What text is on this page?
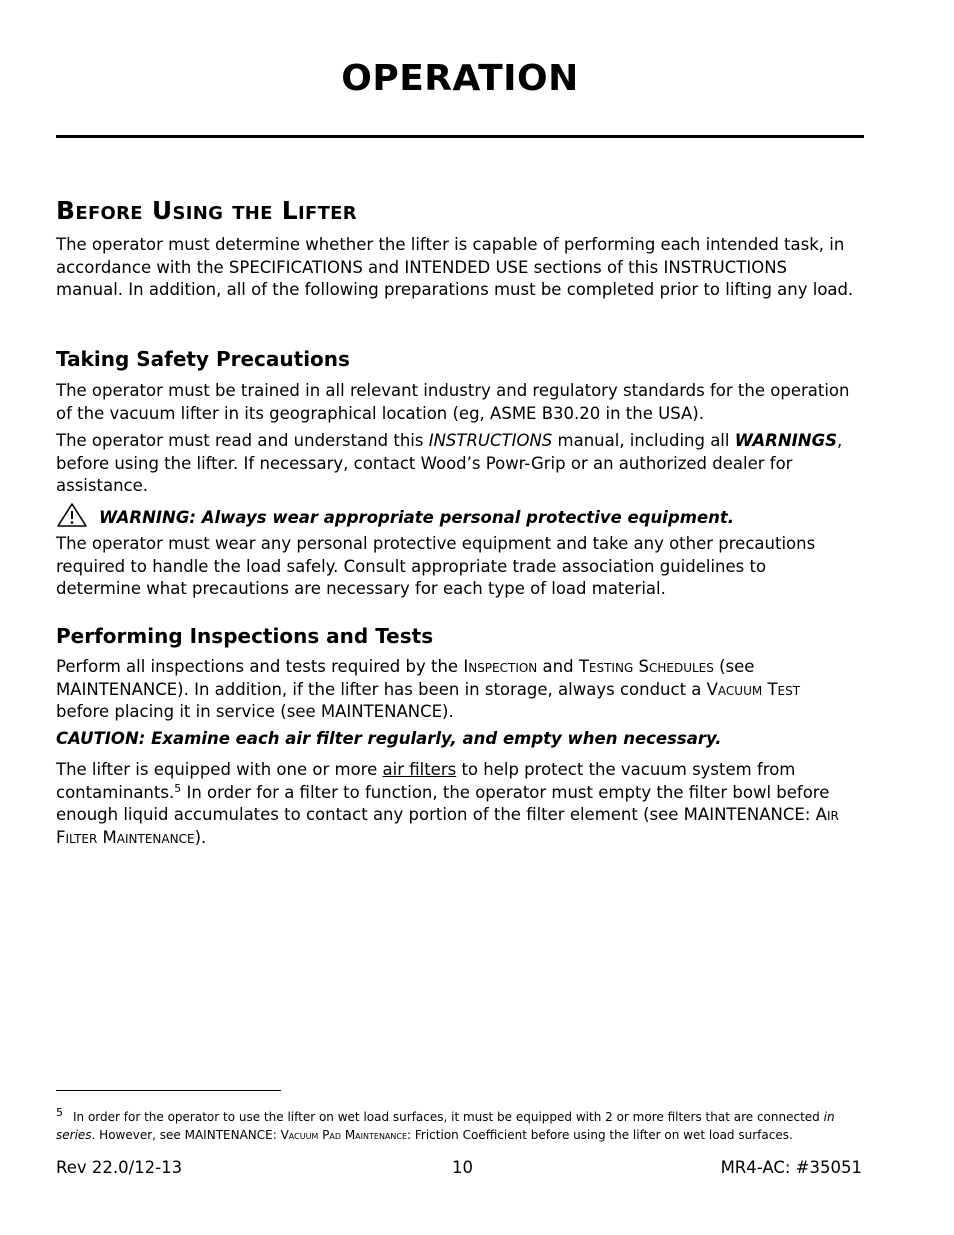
OPERATION
Before Using the Lifter

The operator must determine whether the lifter is capable of performing each intended task, in accordance with the SPECIFICATIONS and INTENDED USE sections of this INSTRUCTIONS manual. In addition, all of the following preparations must be completed prior to lifting any load.

Taking Safety Precautions

The operator must be trained in all relevant industry and regulatory standards for the operation of the vacuum lifter in its geographical location (eg, ASME B30.20 in the USA).

The operator must read and understand this INSTRUCTIONS manual, including all WARNINGS, before using the lifter. If necessary, contact Wood’s Powr-Grip or an authorized dealer for assistance.

WARNING: Always wear appropriate personal protective equipment.

The operator must wear any personal protective equipment and take any other precautions required to handle the load safely. Consult appropriate trade association guidelines to determine what precautions are necessary for each type of load material.

Performing Inspections and Tests

Perform all inspections and tests required by the Inspection and Testing Schedules (see MAINTENANCE). In addition, if the lifter has been in storage, always conduct a Vacuum Test before placing it in service (see MAINTENANCE).

CAUTION: Examine each air filter regularly, and empty when necessary.

The lifter is equipped with one or more air filters to help protect the vacuum system from contaminants.$^5$ In order for a filter to function, the operator must empty the filter bowl before enough liquid accumulates to contact any portion of the filter element (see MAINTENANCE: Air Filter Maintenance).

$^5$ In order for the operator to use the lifter on wet load surfaces, it must be equipped with 2 or more filters that are connected in series. However, see MAINTENANCE: Vacuum Pad Maintenance: Friction Coefficient before using the lifter on wet load surfaces.

Rev 22.0/12-13	10	MR4-AC: #35051
